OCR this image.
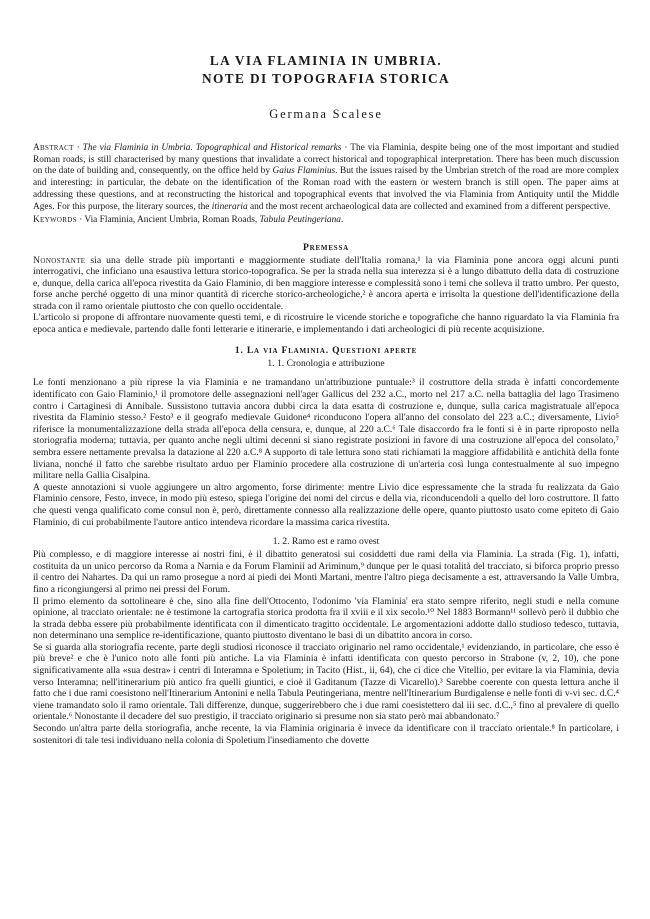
LA VIA FLAMINIA IN UMBRIA.
NOTE DI TOPOGRAFIA STORICA
Germana Scalese

Abstract · The via Flaminia in Umbria. Topographical and Historical remarks · The via Flaminia, despite being one of the most important and studied Roman roads, is still characterised by many questions that invalidate a correct historical and topographical interpretation. There has been much discussion on the date of building and, consequently, on the office held by Gaius Flaminius. But the issues raised by the Umbrian stretch of the road are more complex and interesting: in particular, the debate on the identification of the Roman road with the eastern or western branch is still open. The paper aims at addressing these questions, and at reconstructing the historical and topographical events that involved the via Flaminia from Antiquity until the Middle Ages. For this purpose, the literary sources, the itineraria and the most recent archaeological data are collected and examined from a different perspective.

Keywords · Via Flaminia, Ancient Umbria, Roman Roads, Tabula Peutingeriana.

Premessa

Nonostante sia una delle strade più importanti e maggiormente studiate dell'Italia romana,¹ la via Flaminia pone ancora oggi alcuni punti interrogativi, che inficiano una esaustiva lettura storico-topografica. Se per la strada nella sua interezza si è a lungo dibattuto della data di costruzione e, dunque, della carica all'epoca rivestita da Gaio Flaminio, di ben maggiore interesse e complessità sono i temi che solleva il tratto umbro. Per questo, forse anche perché oggetto di una minor quantità di ricerche storico-archeologiche,² è ancora aperta e irrisolta la questione dell'identificazione della strada con il ramo orientale piuttosto che con quello occidentale.

L'articolo si propone di affrontare nuovamente questi temi, e di ricostruire le vicende storiche e topografiche che hanno riguardato la via Flaminia fra epoca antica e medievale, partendo dalle fonti letterarie e itinerarie, e implementando i dati archeologici di più recente acquisizione.

1. La via Flaminia. Questioni aperte
1. 1. Cronologia e attribuzione

Le fonti menzionano a più riprese la via Flaminia e ne tramandano un'attribuzione puntuale:³ il costruttore della strada è infatti concordemente identificato con Gaio Flaminio,¹ il promotore delle assegnazioni nell'ager Gallicus del 232 a.C., morto nel 217 a.C. nella battaglia del lago Trasimeno contro i Cartaginesi di Annibale. Sussistono tuttavia ancora dubbi circa la data esatta di costruzione e, dunque, sulla carica magistratuale all'epoca rivestita da Flaminio stesso.² Festo³ e il geografo medievale Guidone⁴ riconducono l'opera all'anno del consolato del 223 a.C.; diversamente, Livio⁵ riferisce la monumentalizzazione della strada all'epoca della censura, e, dunque, al 220 a.C.⁶ Tale disaccordo fra le fonti si è in parte riproposto nella storiografia moderna; tuttavia, per quanto anche negli ultimi decenni si siano registrate posizioni in favore di una costruzione all'epoca del consolato,⁷ sembra essere nettamente prevalsa la datazione al 220 a.C.⁸ A supporto di tale lettura sono stati richiamati la maggiore affidabilità e antichità della fonte liviana, nonché il fatto che sarebbe risultato arduo per Flaminio procedere alla costruzione di un'arteria così lunga contestualmente al suo impegno militare nella Gallia Cisalpina.

A queste annotazioni si vuole aggiungere un altro argomento, forse dirimente: mentre Livio dice espressamente che la strada fu realizzata da Gaio Flaminio censore, Festo, invece, in modo più esteso, spiega l'origine dei nomi del circus e della via, riconducendoli a quello del loro costruttore. Il fatto che questi venga qualificato come consul non è, però, direttamente connesso alla realizzazione delle opere, quanto piuttosto usato come epiteto di Gaio Flaminio, di cui probabilmente l'autore antico intendeva ricordare la massima carica rivestita.

1. 2. Ramo est e ramo ovest

Più complesso, e di maggiore interesse ai nostri fini, è il dibattito generatosi sui cosiddetti due rami della via Flaminia. La strada (Fig. 1), infatti, costituita da un unico percorso da Roma a Narnia e da Forum Flaminii ad Ariminum,⁹ dunque per le quasi totalità del tracciato, si biforca proprio presso il centro dei Nahartes. Da qui un ramo prosegue a nord ai piedi dei Monti Martani, mentre l'altro piega decisamente a est, attraversando la Valle Umbra, fino a ricongiungersi al primo nei pressi del Forum.

Il primo elemento da sottolineare è che, sino alla fine dell'Ottocento, l'odonimo 'via Flaminia' era stato sempre riferito, negli studi e nella comune opinione, al tracciato orientale: ne è testimone la cartografia storica prodotta fra il xviii e il xix secolo.¹⁰ Nel 1883 Bormann¹¹ sollevò però il dubbio che la strada debba essere più probabilmente identificata con il dimenticato tragitto occidentale. Le argomentazioni addotte dallo studioso tedesco, tuttavia, non determinano una semplice re-identificazione, quanto piuttosto diventano le basi di un dibattito ancora in corso.

Se si guarda alla storiografia recente, parte degli studiosi riconosce il tracciato originario nel ramo occidentale,¹ evidenziando, in particolare, che esso è più breve² e che è l'unico noto alle fonti più antiche. La via Flaminia è infatti identificata con questo percorso in Strabone (v, 2, 10), che pone significativamente alla «sua destra» i centri di Interamna e Spoletium; in Tacito (Hist., ii, 64), che ci dice che Vitellio, per evitare la via Flaminia, devia verso Interamna; nell'itinerarium più antico fra quelli giuntici, e cioè il Gaditanum (Tazze di Vicarello).³ Sarebbe coerente con questa lettura anche il fatto che i due rami coesistono nell'Itinerarium Antonini e nella Tabula Peutingeriana, mentre nell'Itinerarium Burdigalense e nelle fonti di v-vi sec. d.C.⁴ viene tramandato solo il ramo orientale. Tali differenze, dunque, suggerirebbero che i due rami coesistettero dal iii sec. d.C.,⁵ fino al prevalere di quello orientale.⁶ Nonostante il decadere del suo prestigio, il tracciato originario si presume non sia stato però mai abbandonato.⁷

Secondo un'altra parte della storiografia, anche recente, la via Flaminia originaria è invece da identificare con il tracciato orientale.⁸ In particolare, i sostenitori di tale tesi individuano nella colonia di Spoletium l'insediamento che dovette
